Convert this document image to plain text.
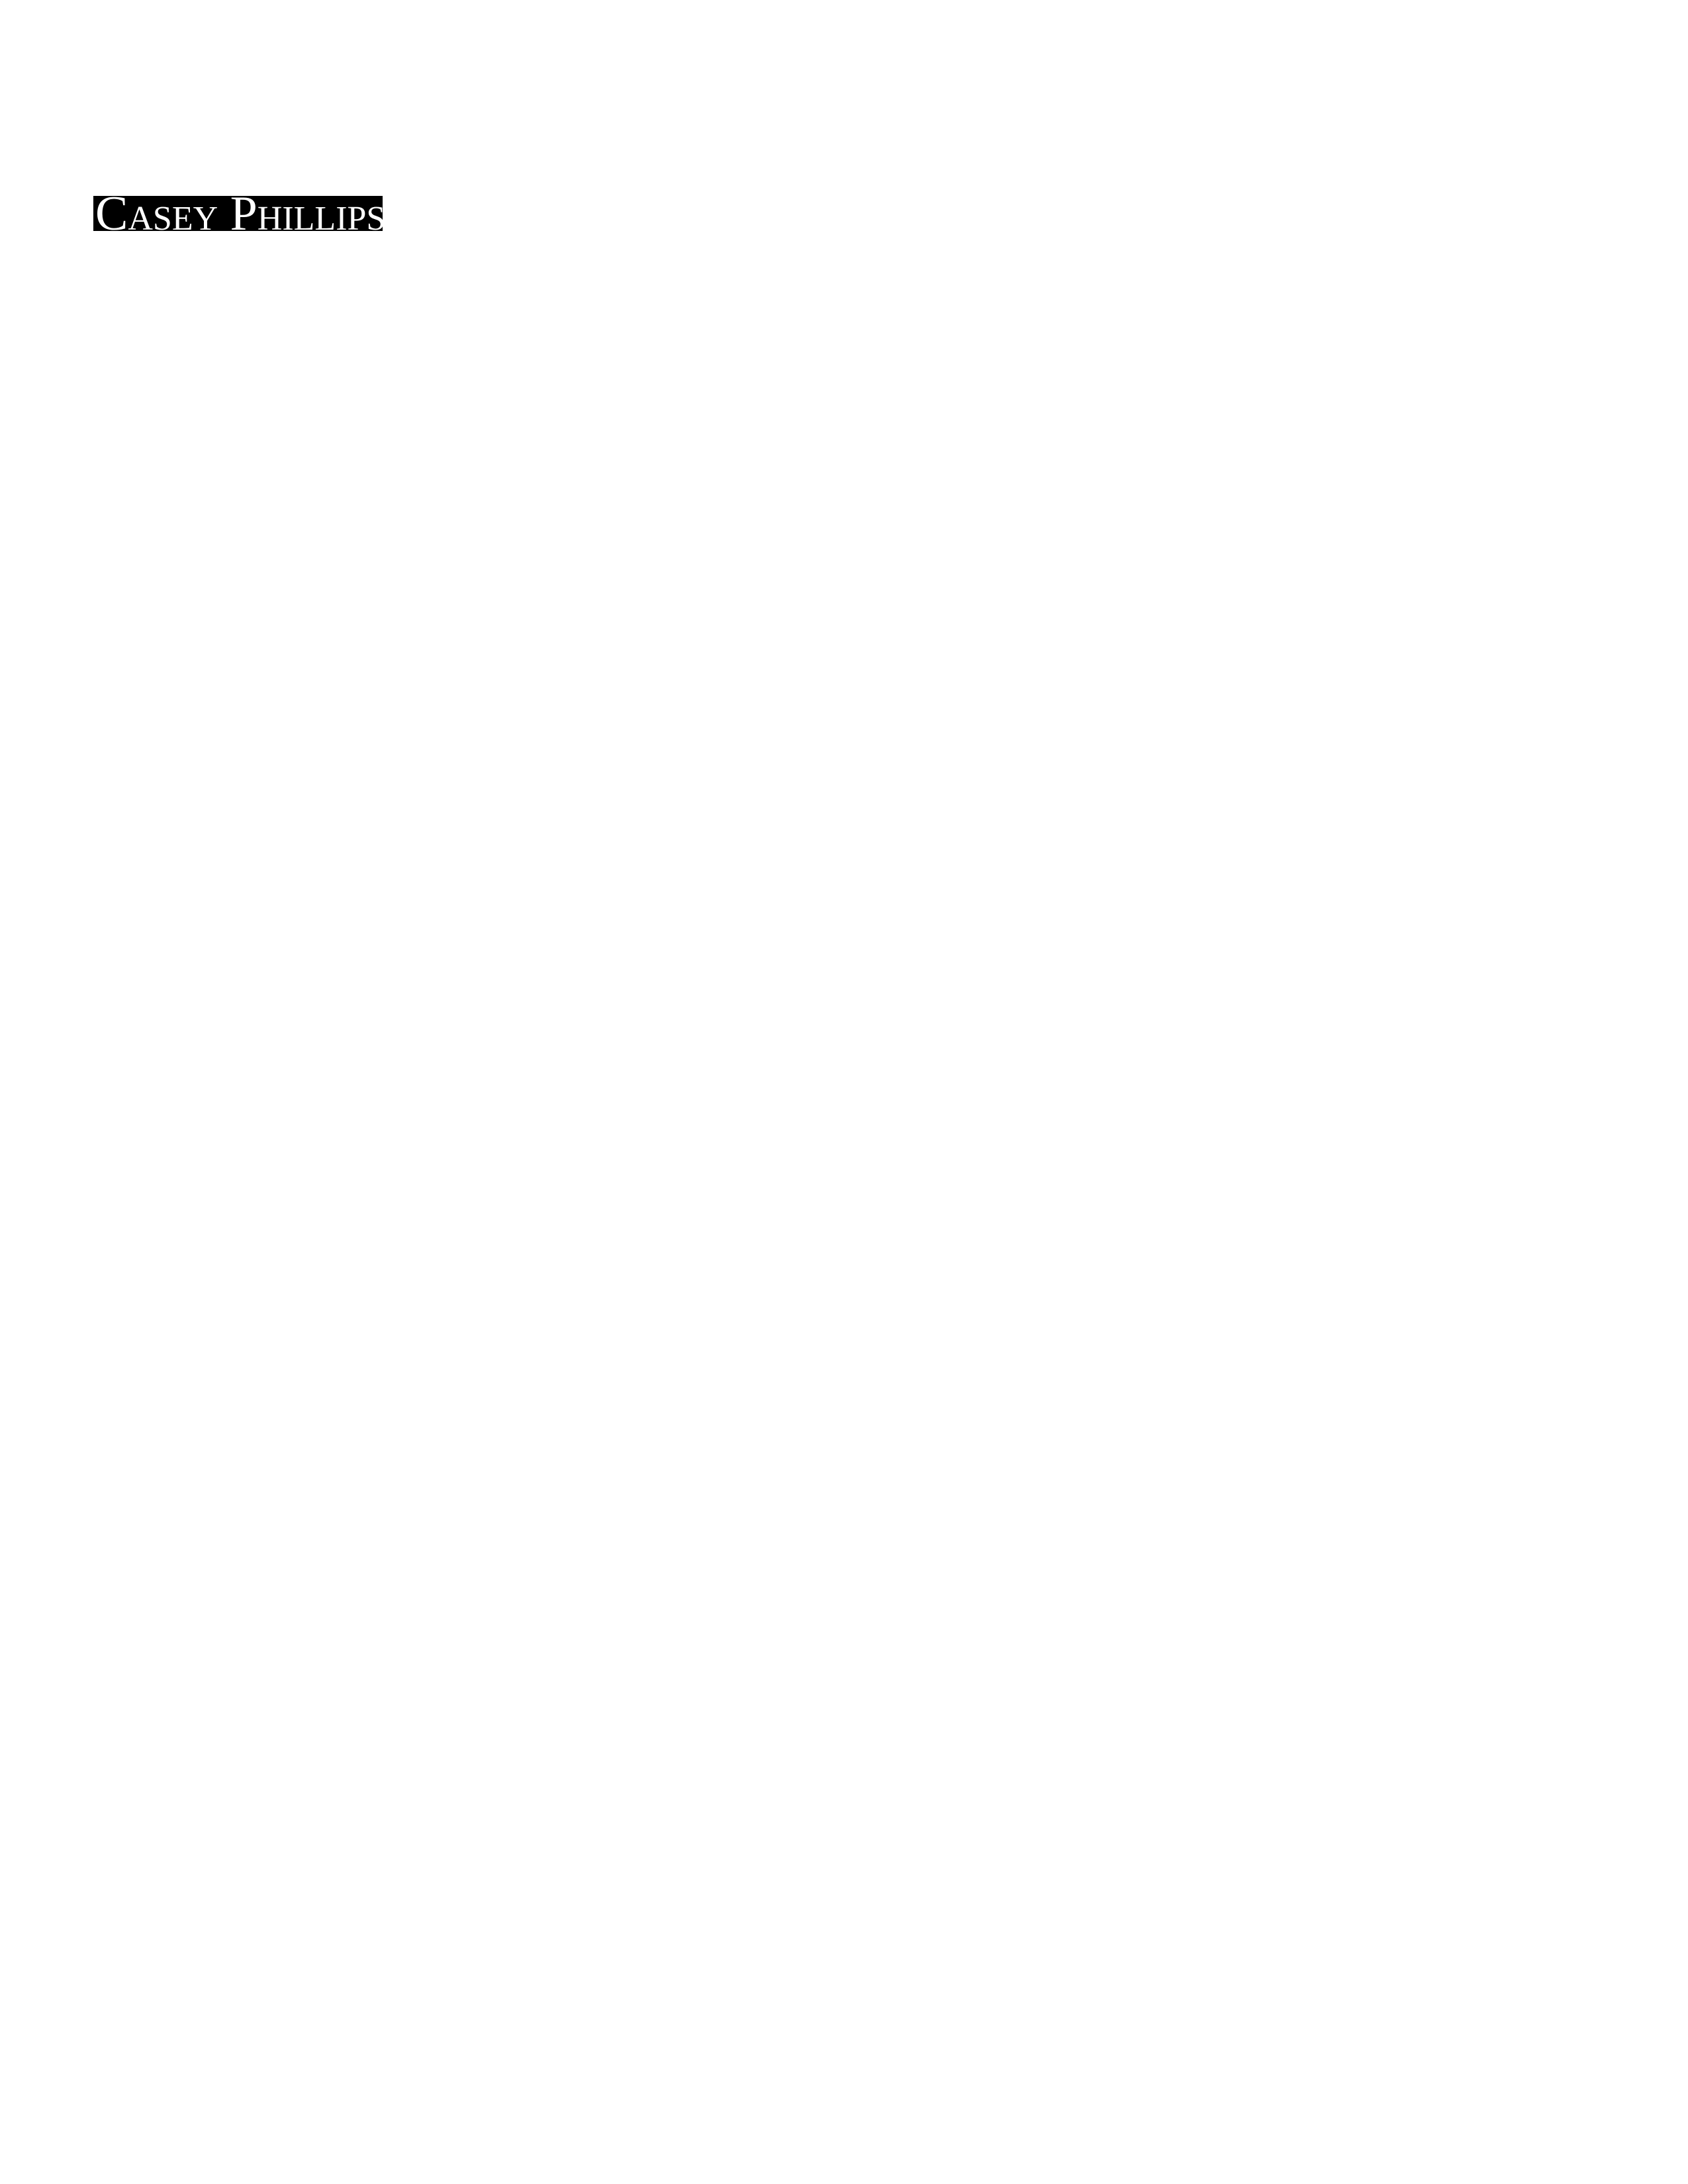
Casey Phillips
